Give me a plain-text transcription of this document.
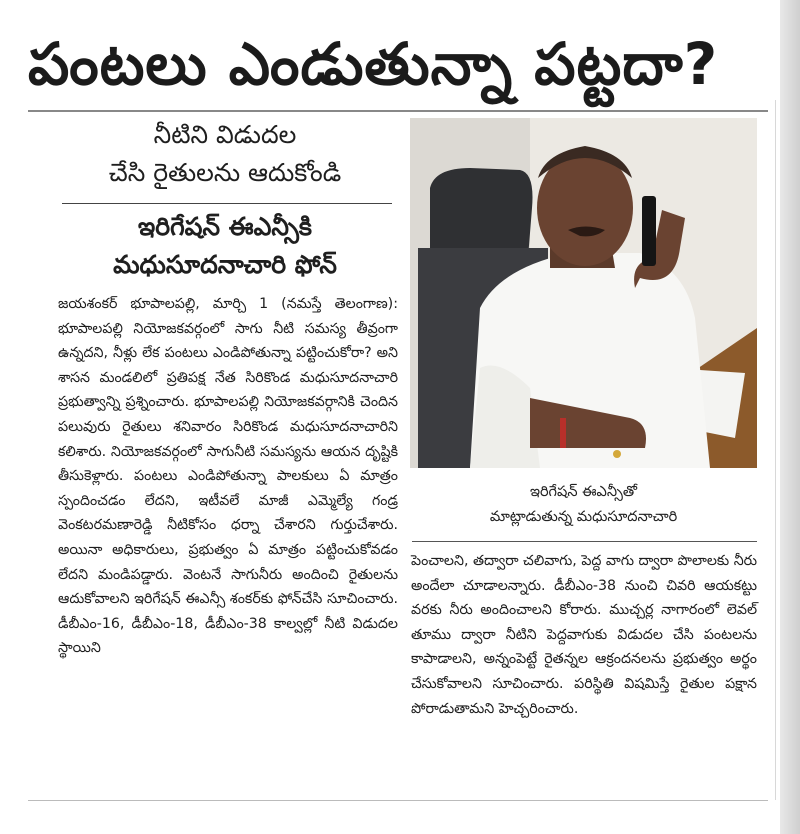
పంటలు ఎండుతున్నా పట్టదా?
నీటిని విడుదల
చేసి రైతులను ఆదుకోండి
ఇరిగేషన్ ఈఎన్సీకి
మధుసూదనాచారి ఫోన్

జయశంకర్ భూపాలపల్లి, మార్చి 1 (నమస్తే తెలంగాణ): భూపాలపల్లి నియోజకవర్గంలో సాగు నీటి సమస్య తీవ్రంగా ఉన్నదని, నీళ్లు లేక పంటలు ఎండిపోతున్నా పట్టించుకోరా? అని శాసన మండలిలో ప్రతిపక్ష నేత సిరికొండ మధుసూదనాచారి ప్రభుత్వాన్ని ప్రశ్నించారు. భూపాలపల్లి నియోజకవర్గానికి చెందిన పలువురు రైతులు శనివారం సిరికొండ మధుసూదనాచారిని కలిశారు. నియోజకవర్గంలో సాగునీటి సమస్యను ఆయన దృష్టికి తీసుకెళ్లారు. పంటలు ఎండిపోతున్నా పాలకులు ఏ మాత్రం స్పందించడం లేదని, ఇటీవలే మాజీ ఎమ్మెల్యే గండ్ర వెంకటరమణారెడ్డి నీటికోసం ధర్నా చేశారని గుర్తుచేశారు. అయినా అధికారులు, ప్రభుత్వం ఏ మాత్రం పట్టించుకోవడం లేదని మండిపడ్డారు. వెంటనే సాగునీరు అందించి రైతులను ఆదుకోవాలని ఇరిగేషన్ ఈఎన్సీ శంకర్‌కు ఫోన్‌చేసి సూచించారు. డీబీఎం-16, డీబీఎం-18, డీబీఎం-38 కాల్వల్లో నీటి విడుదల స్థాయిని

ఇరిగేషన్ ఈఎన్సీతో
మాట్లాడుతున్న మధుసూదనాచారి

పెంచాలని, తద్వారా చలివాగు, పెద్ద వాగు ద్వారా పొలాలకు నీరు అందేలా చూడాలన్నారు. డీబీఎం-38 నుంచి చివరి ఆయకట్టు వరకు నీరు అందించాలని కోరారు. ముచ్చర్ల నాగారంలో లెవల్ తూము ద్వారా నీటిని పెద్దవాగుకు విడుదల చేసి పంటలను కాపాడాలని, అన్నంపెట్టే రైతన్నల ఆక్రందనలను ప్రభుత్వం అర్థం చేసుకోవాలని సూచించారు. పరిస్థితి విషమిస్తే రైతుల పక్షాన పోరాడుతామని హెచ్చరించారు.
